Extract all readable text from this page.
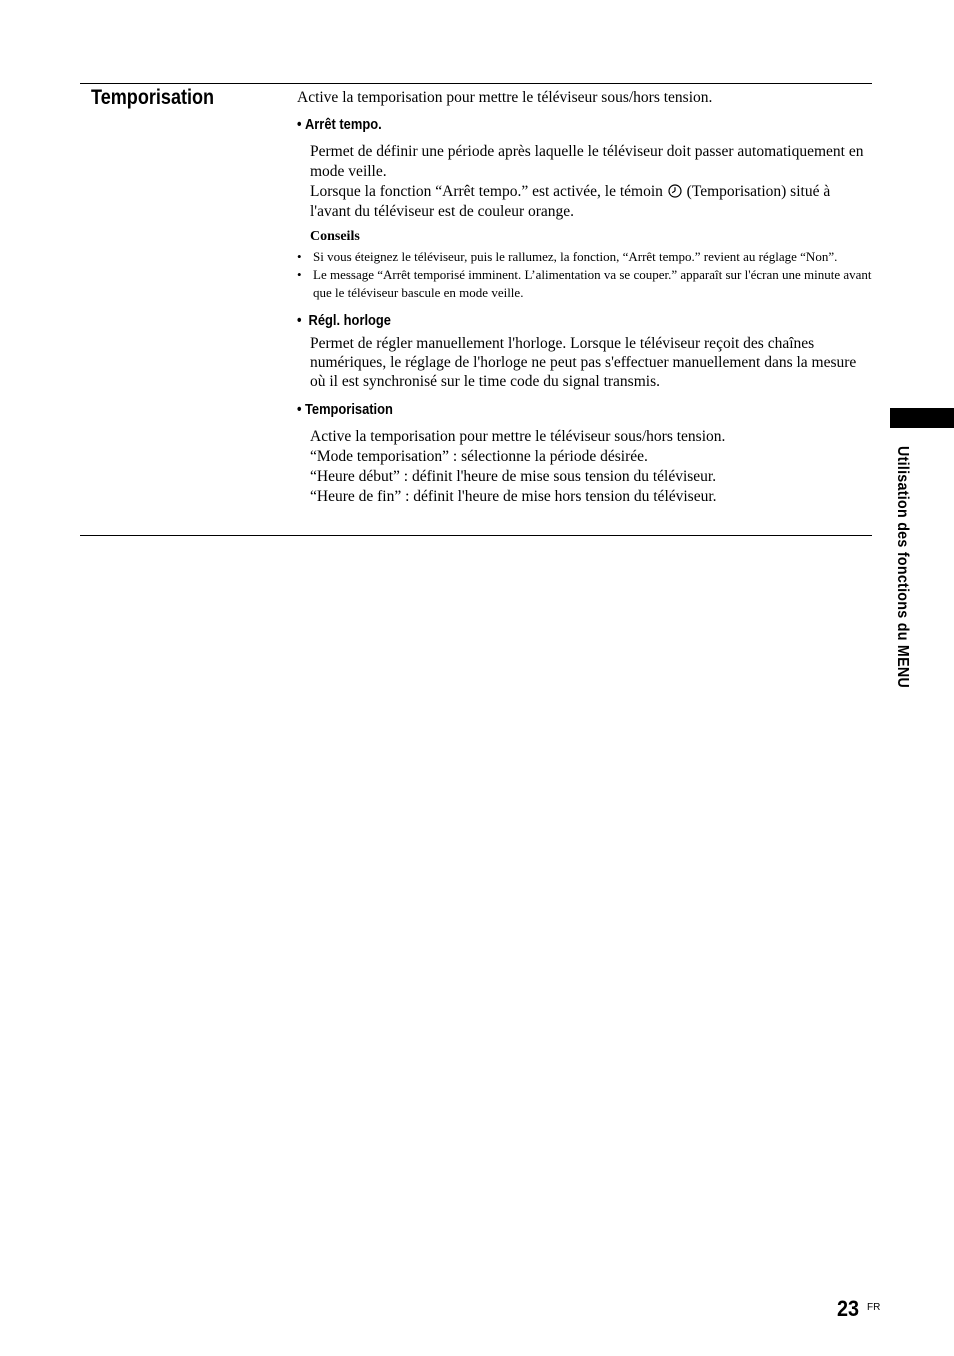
Temporisation	Active la temporisation pour mettre le téléviseur sous/hors tension.

• Arrêt tempo.

Permet de définir une période après laquelle le téléviseur doit passer automatiquement en mode veille.

Lorsque la fonction “Arrêt tempo.” est activée, le témoin  (Temporisation) situé à l'avant du téléviseur est de couleur orange.

Conseils

• Si vous éteignez le téléviseur, puis le rallumez, la fonction, “Arrêt tempo.” revient au réglage “Non”.
• Le message “Arrêt temporisé imminent. L’alimentation va se couper.” apparaît sur l'écran une minute avant que le téléviseur bascule en mode veille.
• Régl. horloge

Permet de régler manuellement l'horloge. Lorsque le téléviseur reçoit des chaînes numériques, le réglage de l'horloge ne peut pas s'effectuer manuellement dans la mesure où il est synchronisé sur le time code du signal transmis.

• Temporisation

Active la temporisation pour mettre le téléviseur sous/hors tension.

“Mode temporisation” : sélectionne la période désirée.

“Heure début” : définit l'heure de mise sous tension du téléviseur.

“Heure de fin” : définit l'heure de mise hors tension du téléviseur.	Utilisation des fonctions du MENU
23 FR
